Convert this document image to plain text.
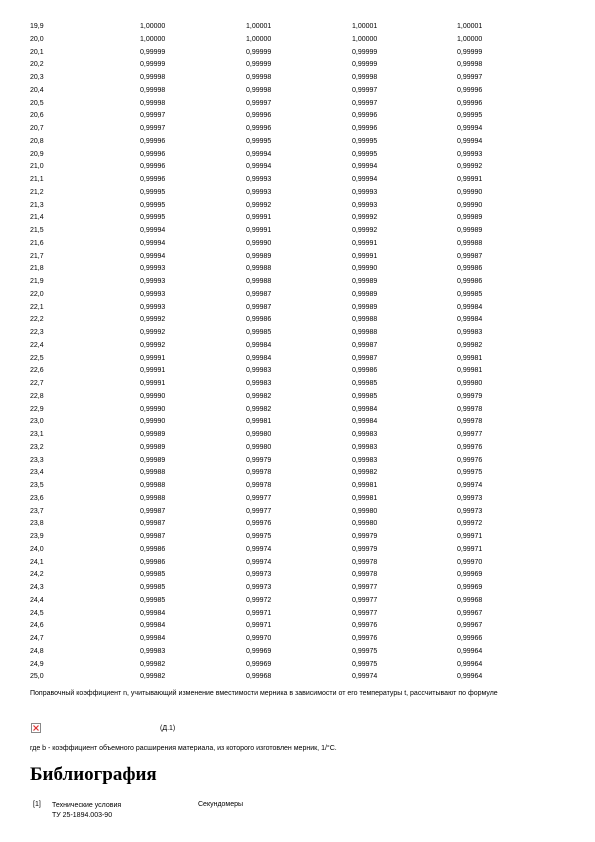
19,9	1,00000	1,00001	1,00001	1,00001
20,0	1,00000	1,00000	1,00000	1,00000
20,1	0,99999	0,99999	0,99999	0,99999
20,2	0,99999	0,99999	0,99999	0,99998
20,3	0,99998	0,99998	0,99998	0,99997
20,4	0,99998	0,99998	0,99997	0,99996
20,5	0,99998	0,99997	0,99997	0,99996
20,6	0,99997	0,99996	0,99996	0,99995
20,7	0,99997	0,99996	0,99996	0,99994
20,8	0,99996	0,99995	0,99995	0,99994
20,9	0,99996	0,99994	0,99995	0,99993
21,0	0,99996	0,99994	0,99994	0,99992
21,1	0,99996	0,99993	0,99994	0,99991
21,2	0,99995	0,99993	0,99993	0,99990
21,3	0,99995	0,99992	0,99993	0,99990
21,4	0,99995	0,99991	0,99992	0,99989
21,5	0,99994	0,99991	0,99992	0,99989
21,6	0,99994	0,99990	0,99991	0,99988
21,7	0,99994	0,99989	0,99991	0,99987
21,8	0,99993	0,99988	0,99990	0,99986
21,9	0,99993	0,99988	0,99989	0,99986
22,0	0,99993	0,99987	0,99989	0,99985
22,1	0,99993	0,99987	0,99989	0,99984
22,2	0,99992	0,99986	0,99988	0,99984
22,3	0,99992	0,99985	0,99988	0,99983
22,4	0,99992	0,99984	0,99987	0,99982
22,5	0,99991	0,99984	0,99987	0,99981
22,6	0,99991	0,99983	0,99986	0,99981
22,7	0,99991	0,99983	0,99985	0,99980
22,8	0,99990	0,99982	0,99985	0,99979
22,9	0,99990	0,99982	0,99984	0,99978
23,0	0,99990	0,99981	0,99984	0,99978
23,1	0,99989	0,99980	0,99983	0,99977
23,2	0,99989	0,99980	0,99983	0,99976
23,3	0,99989	0,99979	0,99983	0,99976
23,4	0,99988	0,99978	0,99982	0,99975
23,5	0,99988	0,99978	0,99981	0,99974
23,6	0,99988	0,99977	0,99981	0,99973
23,7	0,99987	0,99977	0,99980	0,99973
23,8	0,99987	0,99976	0,99980	0,99972
23,9	0,99987	0,99975	0,99979	0,99971
24,0	0,99986	0,99974	0,99979	0,99971
24,1	0,99986	0,99974	0,99978	0,99970
24,2	0,99985	0,99973	0,99978	0,99969
24,3	0,99985	0,99973	0,99977	0,99969
24,4	0,99985	0,99972	0,99977	0,99968
24,5	0,99984	0,99971	0,99977	0,99967
24,6	0,99984	0,99971	0,99976	0,99967
24,7	0,99984	0,99970	0,99976	0,99966
24,8	0,99983	0,99969	0,99975	0,99964
24,9	0,99982	0,99969	0,99975	0,99964
25,0	0,99982	0,99968	0,99974	0,99964
Поправочный коэффициент n, учитывающий изменение вместимости мерника в зависимости от его температуры t, рассчитывают по формуле
(Д.1)
где b - коэффициент объемного расширения материала, из которого изготовлен мерник, 1/°С.
Библиография
[1] Технические условия
ТУ 25-1894.003-90
Секундомеры
